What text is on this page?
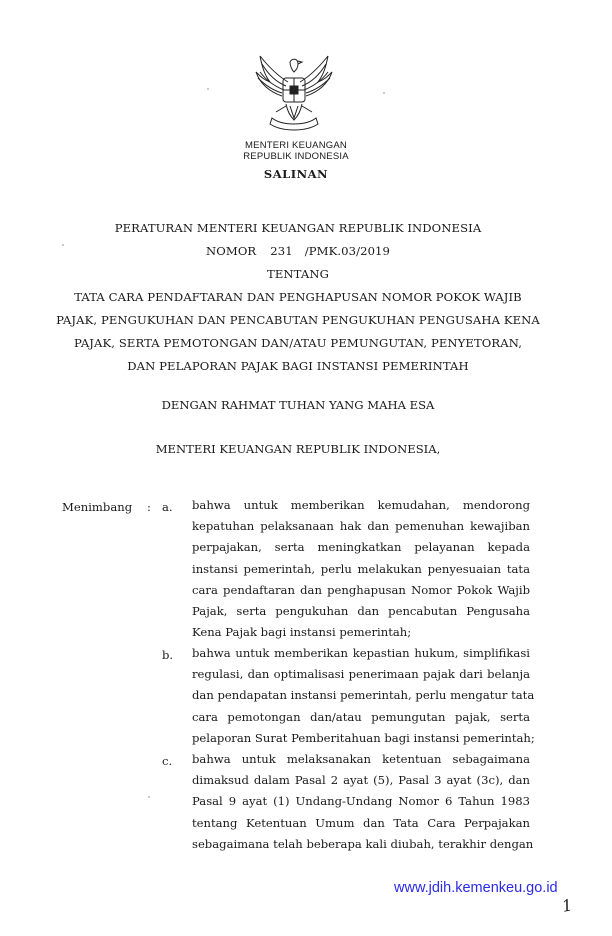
MENTERI KEUANGAN
REPUBLIK INDONESIA
SALINAN
PERATURAN MENTERI KEUANGAN REPUBLIK INDONESIA
NOMOR 231 /PMK.03/2019
TENTANG
TATA CARA PENDAFTARAN DAN PENGHAPUSAN NOMOR POKOK WAJIB
PAJAK, PENGUKUHAN DAN PENCABUTAN PENGUKUHAN PENGUSAHA KENA
PAJAK, SERTA PEMOTONGAN DAN/ATAU PEMUNGUTAN, PENYETORAN,
DAN PELAPORAN PAJAK BAGI INSTANSI PEMERINTAH
DENGAN RAHMAT TUHAN YANG MAHA ESA
MENTERI KEUANGAN REPUBLIK INDONESIA,
Menimbang : a. bahwa untuk memberikan kemudahan, mendorong
kepatuhan pelaksanaan hak dan pemenuhan kewajiban
perpajakan, serta meningkatkan pelayanan kepada
instansi pemerintah, perlu melakukan penyesuaian tata
cara pendaftaran dan penghapusan Nomor Pokok Wajib
Pajak, serta pengukuhan dan pencabutan Pengusaha
Kena Pajak bagi instansi pemerintah;
b. bahwa untuk memberikan kepastian hukum, simplifikasi
regulasi, dan optimalisasi penerimaan pajak dari belanja
dan pendapatan instansi pemerintah, perlu mengatur tata
cara pemotongan dan/atau pemungutan pajak, serta
pelaporan Surat Pemberitahuan bagi instansi pemerintah;
c. bahwa untuk melaksanakan ketentuan sebagaimana
dimaksud dalam Pasal 2 ayat (5), Pasal 3 ayat (3c), dan
Pasal 9 ayat (1) Undang-Undang Nomor 6 Tahun 1983
tentang Ketentuan Umum dan Tata Cara Perpajakan
sebagaimana telah beberapa kali diubah, terakhir dengan
www.jdih.kemenkeu.go.id
1
